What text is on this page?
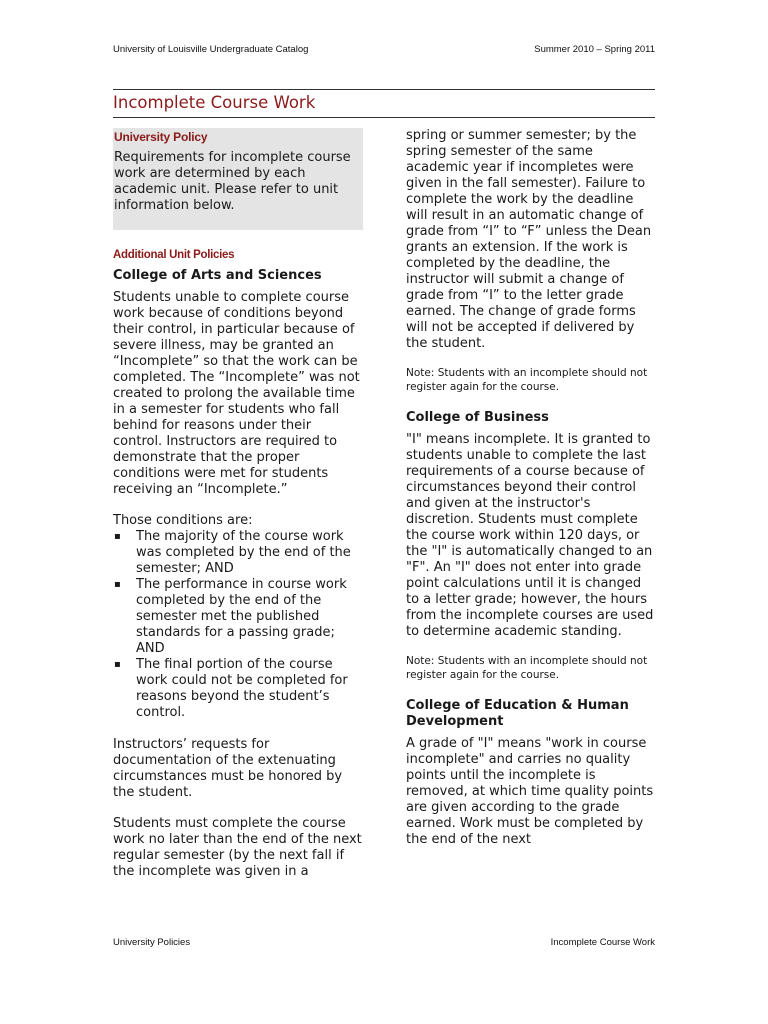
University of Louisville Undergraduate Catalog	Summer 2010 – Spring 2011
Incomplete Course Work

University Policy

Requirements for incomplete course work are determined by each academic unit. Please refer to unit information below.

Additional Unit Policies

College of Arts and Sciences

Students unable to complete course work because of conditions beyond their control, in particular because of severe illness, may be granted an “Incomplete” so that the work can be completed. The “Incomplete” was not created to prolong the available time in a semester for students who fall behind for reasons under their control. Instructors are required to demonstrate that the proper conditions were met for students receiving an “Incomplete.”

Those conditions are:

▪ The majority of the course work was completed by the end of the semester; AND
▪ The performance in course work completed by the end of the semester met the published standards for a passing grade; AND
▪ The final portion of the course work could not be completed for reasons beyond the student’s control.

Instructors’ requests for documentation of the extenuating circumstances must be honored by the student.

Students must complete the course work no later than the end of the next regular semester (by the next fall if the incomplete was given in a

spring or summer semester; by the spring semester of the same academic year if incompletes were given in the fall semester). Failure to complete the work by the deadline will result in an automatic change of grade from “I” to “F” unless the Dean grants an extension. If the work is completed by the deadline, the instructor will submit a change of grade from “I” to the letter grade earned. The change of grade forms will not be accepted if delivered by the student.

Note: Students with an incomplete should not register again for the course.

College of Business

"I" means incomplete. It is granted to students unable to complete the last requirements of a course because of circumstances beyond their control and given at the instructor's discretion. Students must complete the course work within 120 days, or the "I" is automatically changed to an "F". An "I" does not enter into grade point calculations until it is changed to a letter grade; however, the hours from the incomplete courses are used to determine academic standing.

Note: Students with an incomplete should not register again for the course.

College of Education & Human Development

A grade of "I" means "work in course incomplete" and carries no quality points until the incomplete is removed, at which time quality points are given according to the grade earned. Work must be completed by the end of the next

University Policies	Incomplete Course Work
